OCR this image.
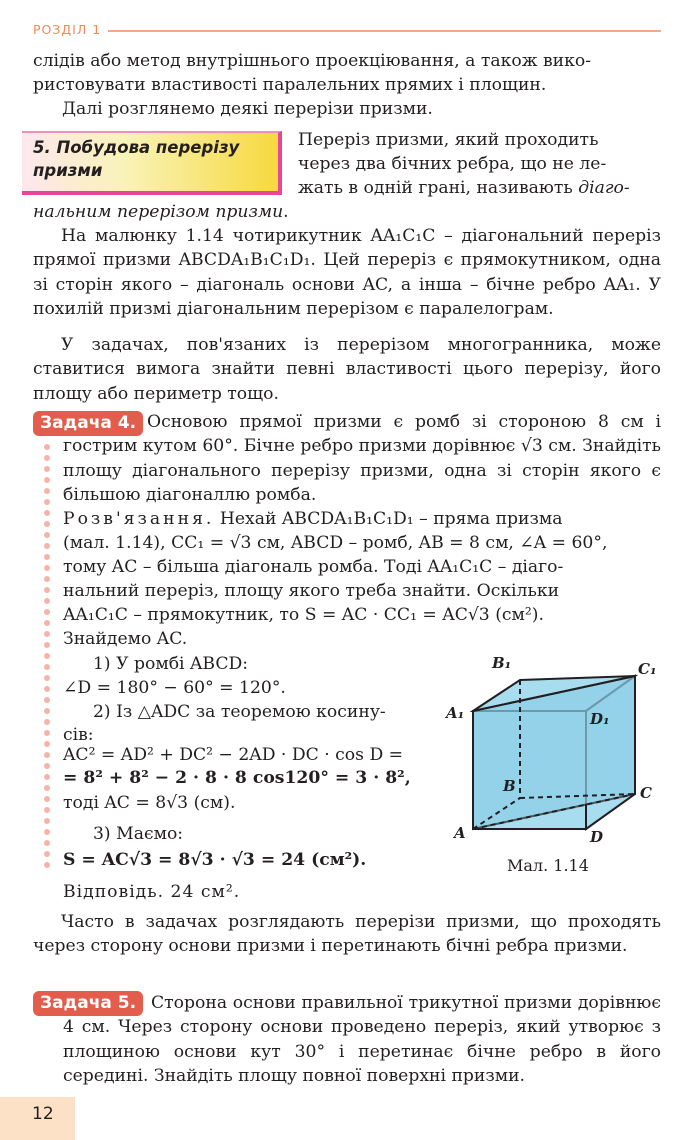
РОЗДІЛ 1
слідів або метод внутрішнього проекціювання, а також вико-
ристовувати властивості паралельних прямих і площин.
Далі розглянемо деякі перерізи призми.
5. Побудова перерізу призми
Переріз призми, який проходить
через два бічних ребра, що не ле-
жать в одній грані, називають діаго-
нальним перерізом призми.
На малюнку 1.14 чотирикутник AA₁C₁C – діагональний переріз прямої призми ABCDA₁B₁C₁D₁. Цей переріз є прямокутником, одна зі сторін якого – діагональ основи AC, а інша – бічне ребро AA₁. У похилій призмі діагональним перерізом є паралелограм.
У задачах, пов'язаних із перерізом многогранника, може ставитися вимога знайти певні властивості цього перерізу, його площу або периметр тощо.
Задача 4. Основою прямої призми є ромб зі стороною 8 см і гострим кутом 60°. Бічне ребро призми дорівнює √3 см. Знайдіть площу діагонального перерізу призми, одна зі сторін якого є більшою діагоналлю ромба.
Розв'язання. Нехай ABCDA₁B₁C₁D₁ – пряма призма
(мал. 1.14), CC₁ = √3 см, ABCD – ромб, AB = 8 см, ∠A = 60°,
тому AC – більша діагональ ромба. Тоді AA₁C₁C – діаго-
нальний переріз, площу якого треба знайти. Оскільки
AA₁C₁C – прямокутник, то S = AC · CC₁ = AC√3 (см²).
Знайдемо AC.
1) У ромбі ABCD:
∠D = 180° − 60° = 120°.
2) Із △ADC за теоремою косину-
сів:
AC² = AD² + DC² − 2AD · DC · cos D =
= 8² + 8² − 2 · 8 · 8 cos120° = 3 · 8²,
тоді AC = 8√3 (см).
3) Маємо:
S = AC√3 = 8√3 · √3 = 24 (см²).
Відповідь. 24 см².
B₁	C₁
A₁	D₁
B	C
A	D
Мал. 1.14
Часто в задачах розглядають перерізи призми, що проходять через сторону основи призми і перетинають бічні ребра призми.
Задача 5. Сторона основи правильної трикутної призми дорівнює 4 см. Через сторону основи проведено переріз, який утворює з площиною основи кут 30° і перетинає бічне ребро в його середині. Знайдіть площу повної поверхні призми.
12
